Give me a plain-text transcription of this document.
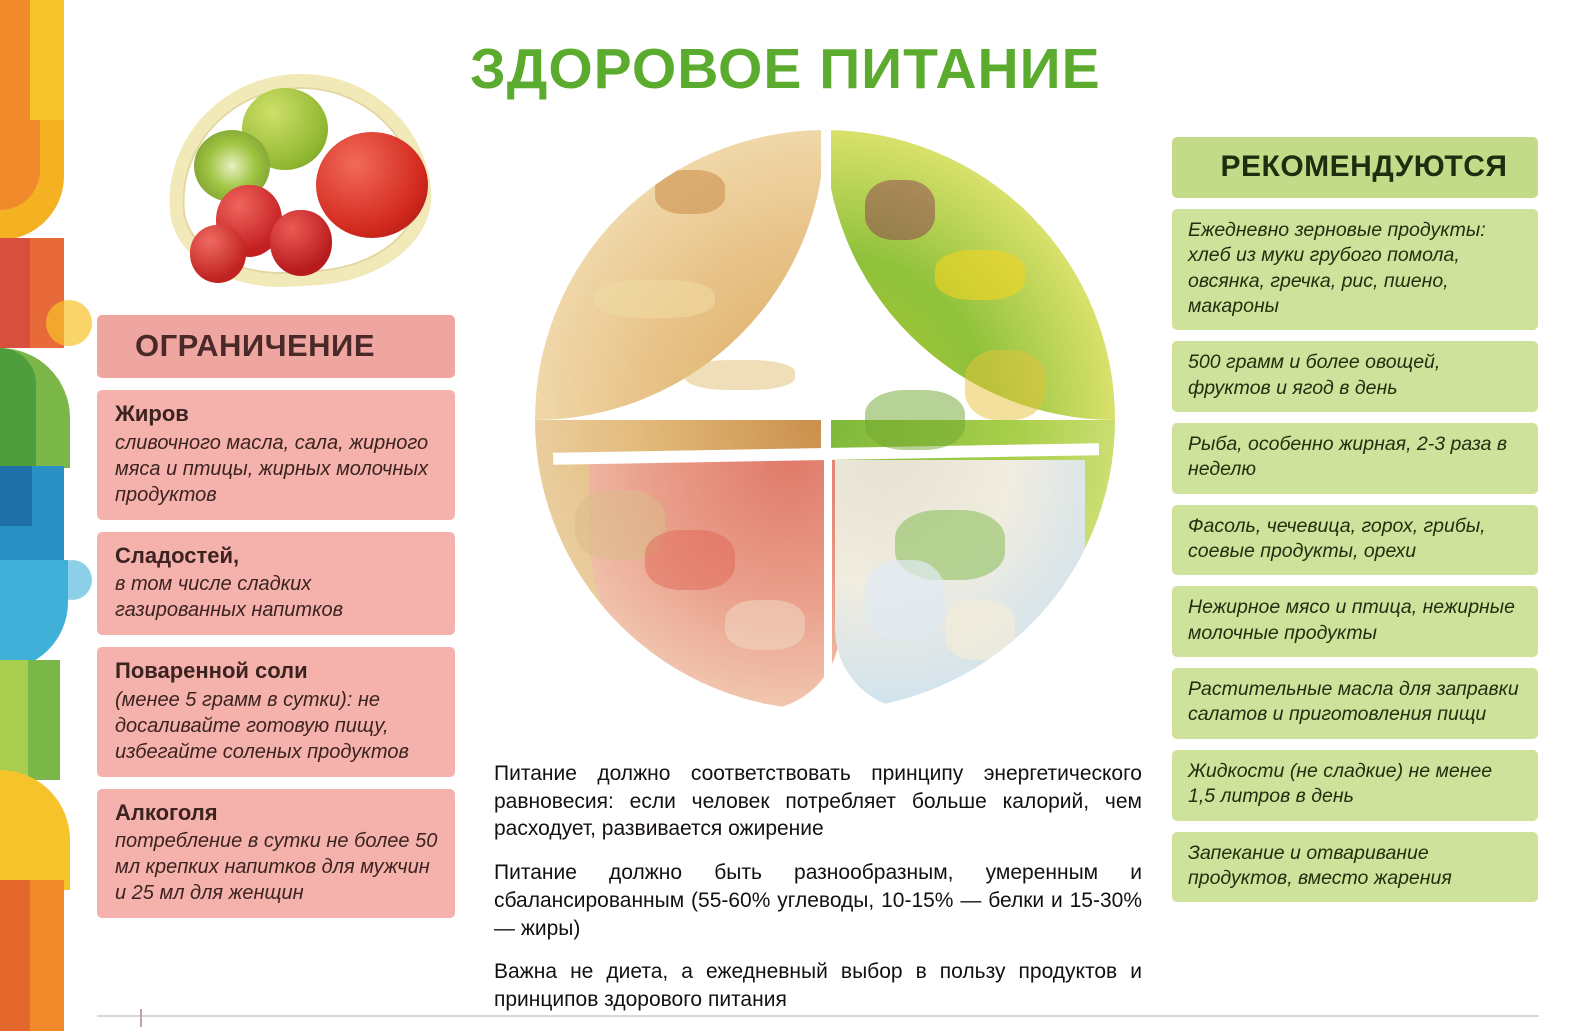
ЗДОРОВОЕ ПИТАНИЕ
ОГРАНИЧЕНИЕ
Жиров
сливочного масла, сала, жирного мяса и птицы, жирных молочных продуктов
Сладостей,
в том числе сладких газированных напитков
Поваренной соли
(менее 5 грамм в сутки): не досаливайте готовую пищу, избегайте соленых продуктов
Алкоголя
потребление в сутки не более 50 мл крепких напитков для мужчин и 25 мл для женщин
Питание должно соответствовать принципу энергетического равновесия: если человек потребляет больше калорий, чем расходует, развивается ожирение
Питание должно быть разнообразным, умеренным и сбалансированным (55-60% углеводы, 10-15% — белки и 15-30% — жиры)
Важна не диета, а ежедневный выбор в пользу продуктов и принципов здорового питания
РЕКОМЕНДУЮТСЯ
Ежедневно зерновые продукты: хлеб из муки грубого помола, овсянка, гречка, рис, пшено, макароны
500 грамм и более овощей, фруктов и ягод в день
Рыба, особенно жирная, 2-3 раза в неделю
Фасоль, чечевица, горох, грибы, соевые продукты, орехи
Нежирное мясо и птица, нежирные молочные продукты
Растительные масла для заправки салатов и приготовления пищи
Жидкости (не сладкие) не менее 1,5 литров в день
Запекание и отваривание продуктов, вместо жарения
